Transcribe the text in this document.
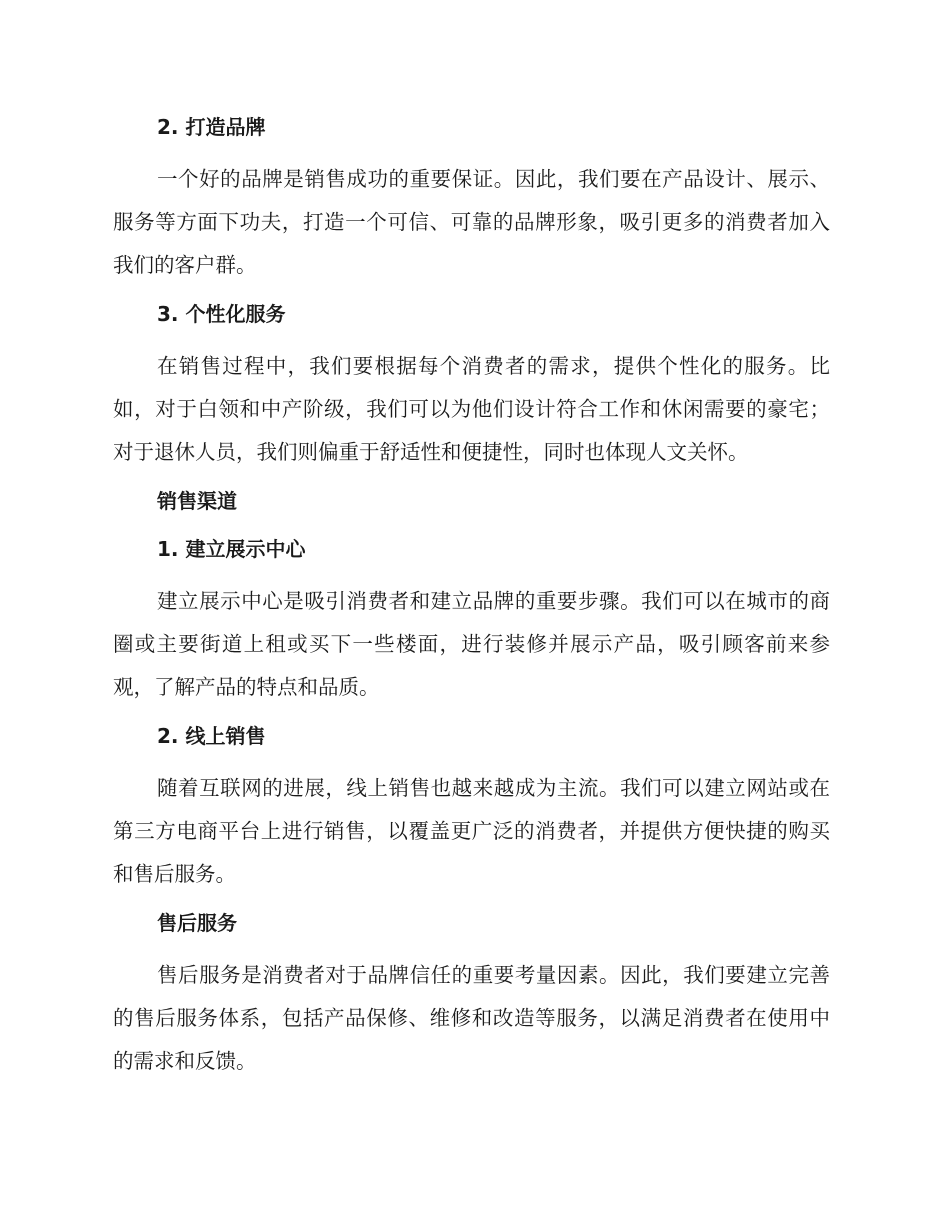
2. 打造品牌

一个好的品牌是销售成功的重要保证。因此，我们要在产品设计、展示、服务等方面下功夫，打造一个可信、可靠的品牌形象，吸引更多的消费者加入我们的客户群。

3. 个性化服务

在销售过程中，我们要根据每个消费者的需求，提供个性化的服务。比如，对于白领和中产阶级，我们可以为他们设计符合工作和休闲需要的豪宅；对于退休人员，我们则偏重于舒适性和便捷性，同时也体现人文关怀。

销售渠道
1. 建立展示中心

建立展示中心是吸引消费者和建立品牌的重要步骤。我们可以在城市的商圈或主要街道上租或买下一些楼面，进行装修并展示产品，吸引顾客前来参观，了解产品的特点和品质。

2. 线上销售

随着互联网的进展，线上销售也越来越成为主流。我们可以建立网站或在第三方电商平台上进行销售，以覆盖更广泛的消费者，并提供方便快捷的购买和售后服务。

售后服务

售后服务是消费者对于品牌信任的重要考量因素。因此，我们要建立完善的售后服务体系，包括产品保修、维修和改造等服务，以满足消费者在使用中的需求和反馈。
